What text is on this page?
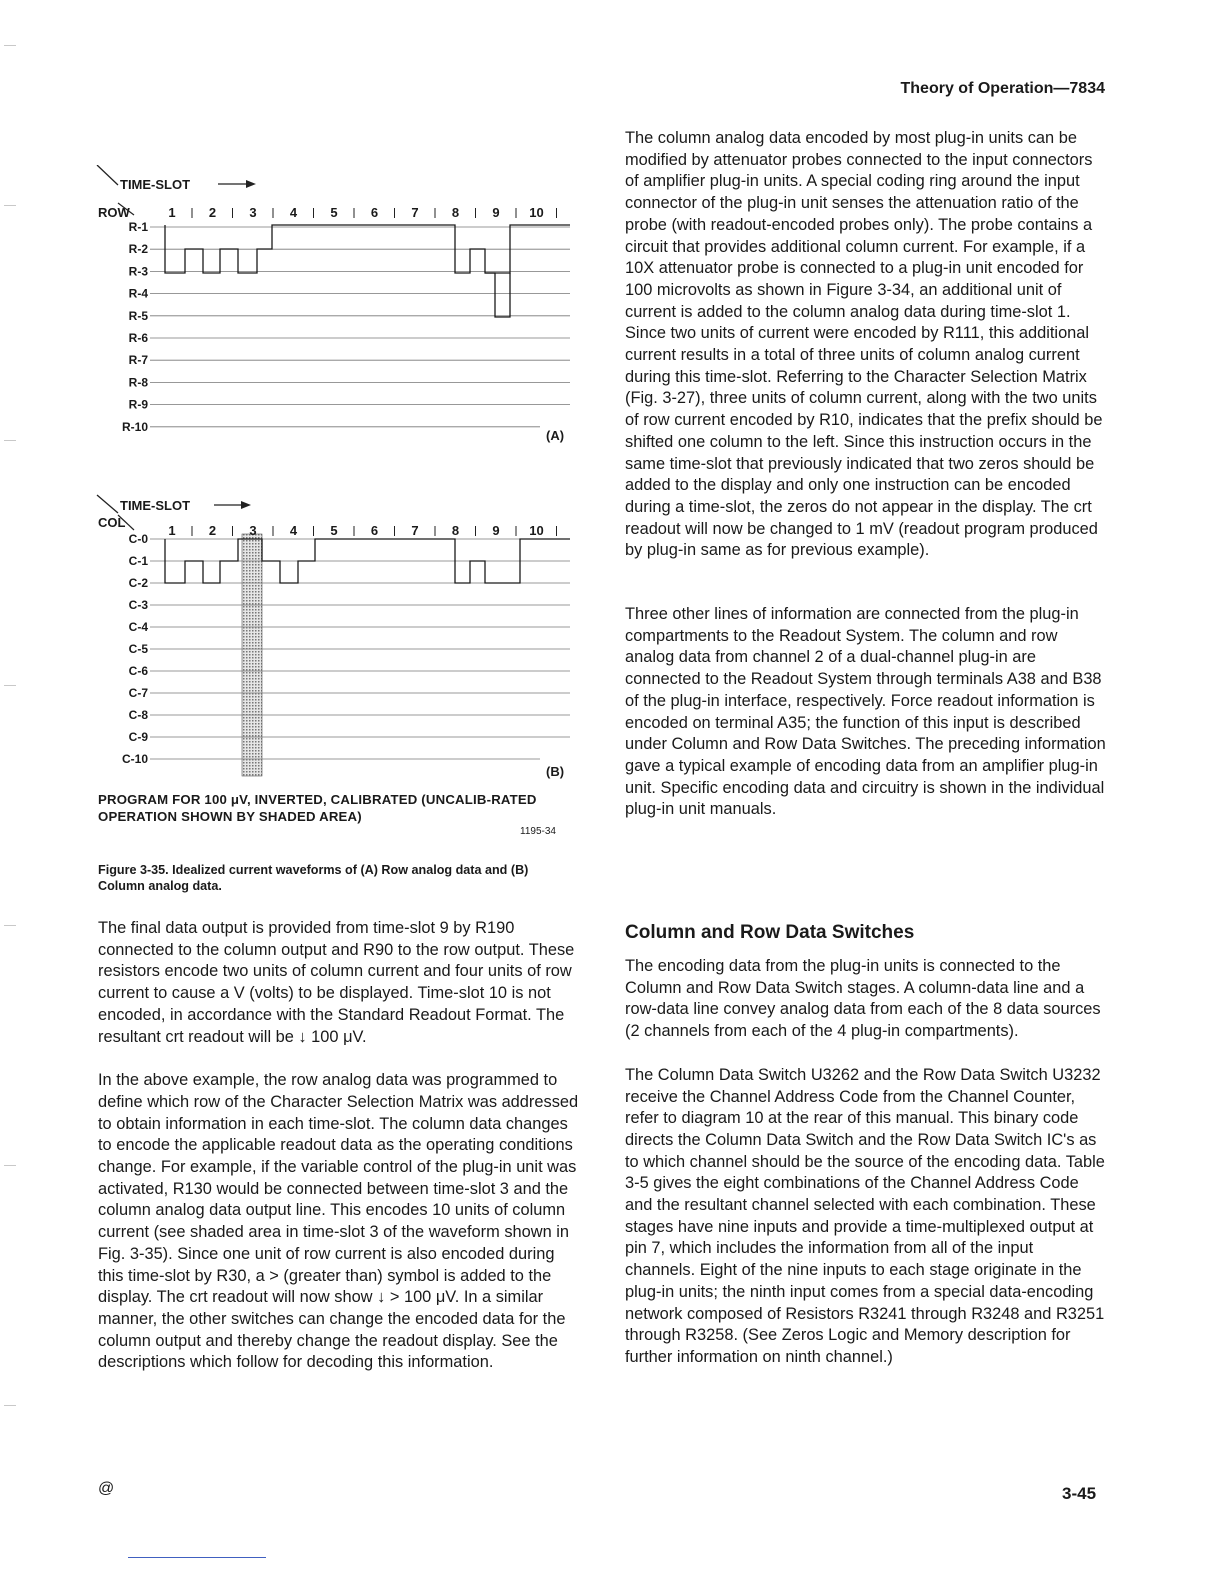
Theory of Operation—7834
TIME-SLOT
ROW	1	2	3	4	5	6	7	8	9 10
R-1
R-2
R-3
R-4
R-5
R-6
R-7
R-8
R-9
R-10
(A)
TIME-SLOT
COL
1	2	3	4	5	6	7	8	9 10
C-0
C-1
C-2
C-3
C-4
C-5
C-6
C-7
C-8
C-9
C-10
(B)
PROGRAM FOR 100 μV, INVERTED, CALIBRATED (UNCALIB-RATED OPERATION SHOWN BY SHADED AREA)
1195-34
Figure 3-35. Idealized current waveforms of (A) Row analog data and (B) Column analog data.

The final data output is provided from time-slot 9 by R190 connected to the column output and R90 to the row output. These resistors encode two units of column current and four units of row current to cause a V (volts) to be displayed. Time-slot 10 is not encoded, in accordance with the Standard Readout Format. The resultant crt readout will be ↓ 100 μV.

In the above example, the row analog data was programmed to define which row of the Character Selection Matrix was addressed to obtain information in each time-slot. The column data changes to encode the applicable readout data as the operating conditions change. For example, if the variable control of the plug-in unit was activated, R130 would be connected between time-slot 3 and the column analog data output line. This encodes 10 units of column current (see shaded area in time-slot 3 of the waveform shown in Fig. 3-35). Since one unit of row current is also encoded during this time-slot by R30, a > (greater than) symbol is added to the display. The crt readout will now show ↓ > 100 μV. In a similar manner, the other switches can change the encoded data for the column output and thereby change the readout display. See the descriptions which follow for decoding this information.

The column analog data encoded by most plug-in units can be modified by attenuator probes connected to the input connectors of amplifier plug-in units. A special coding ring around the input connector of the plug-in unit senses the attenuation ratio of the probe (with readout-encoded probes only). The probe contains a circuit that provides additional column current. For example, if a 10X attenuator probe is connected to a plug-in unit encoded for 100 microvolts as shown in Figure 3-34, an additional unit of current is added to the column analog data during time-slot 1. Since two units of current were encoded by R111, this additional current results in a total of three units of column analog current during this time-slot. Referring to the Character Selection Matrix (Fig. 3-27), three units of column current, along with the two units of row current encoded by R10, indicates that the prefix should be shifted one column to the left. Since this instruction occurs in the same time-slot that previously indicated that two zeros should be added to the display and only one instruction can be encoded during a time-slot, the zeros do not appear in the display. The crt readout will now be changed to 1 mV (readout program produced by plug-in same as for previous example).

Three other lines of information are connected from the plug-in compartments to the Readout System. The column and row analog data from channel 2 of a dual-channel plug-in are connected to the Readout System through terminals A38 and B38 of the plug-in interface, respectively. Force readout information is encoded on terminal A35; the function of this input is described under Column and Row Data Switches. The preceding information gave a typical example of encoding data from an amplifier plug-in unit. Specific encoding data and circuitry is shown in the individual plug-in unit manuals.

Column and Row Data Switches

The encoding data from the plug-in units is connected to the Column and Row Data Switch stages. A column-data line and a row-data line convey analog data from each of the 8 data sources (2 channels from each of the 4 plug-in compartments).

The Column Data Switch U3262 and the Row Data Switch U3232 receive the Channel Address Code from the Channel Counter, refer to diagram 10 at the rear of this manual. This binary code directs the Column Data Switch and the Row Data Switch IC's as to which channel should be the source of the encoding data. Table 3-5 gives the eight combinations of the Channel Address Code and the resultant channel selected with each combination. These stages have nine inputs and provide a time-multiplexed output at pin 7, which includes the information from all of the input channels. Eight of the nine inputs to each stage originate in the plug-in units; the ninth input comes from a special data-encoding network composed of Resistors R3241 through R3248 and R3251 through R3258. (See Zeros Logic and Memory description for further information on ninth channel.)

@	3-45
